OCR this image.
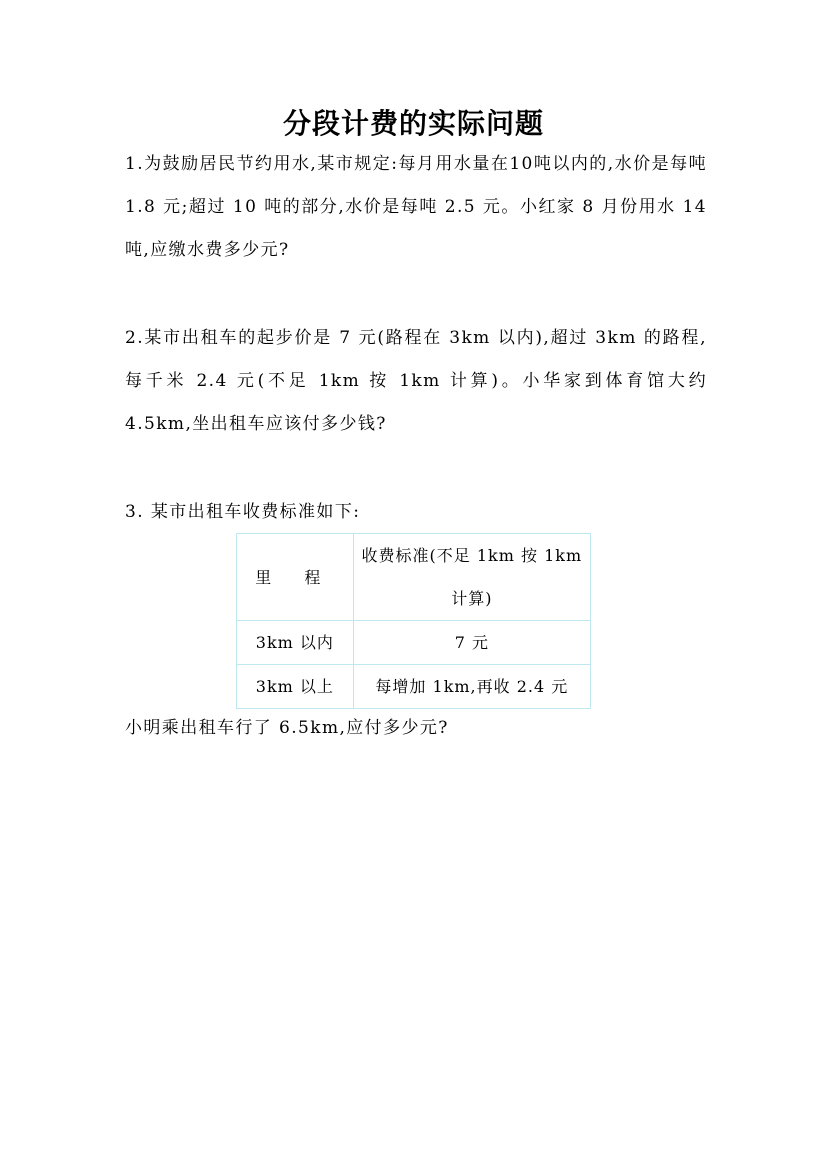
分段计费的实际问题

1.为鼓励居民节约用水,某市规定:每月用水量在10吨以内的,水价是每吨 1.8 元;超过 10 吨的部分,水价是每吨 2.5 元。小红家 8 月份用水 14 吨,应缴水费多少元?

2.某市出租车的起步价是 7 元(路程在 3km 以内),超过 3km 的路程,每千米 2.4 元(不足 1km 按 1km 计算)。小华家到体育馆大约 4.5km,坐出租车应该付多少钱?

3. 某市出租车收费标准如下:

里 程	收费标准(不足 1km 按 1km 计算)
3km 以内	7 元
3km 以上	每增加 1km,再收 2.4 元

小明乘出租车行了 6.5km,应付多少元?
